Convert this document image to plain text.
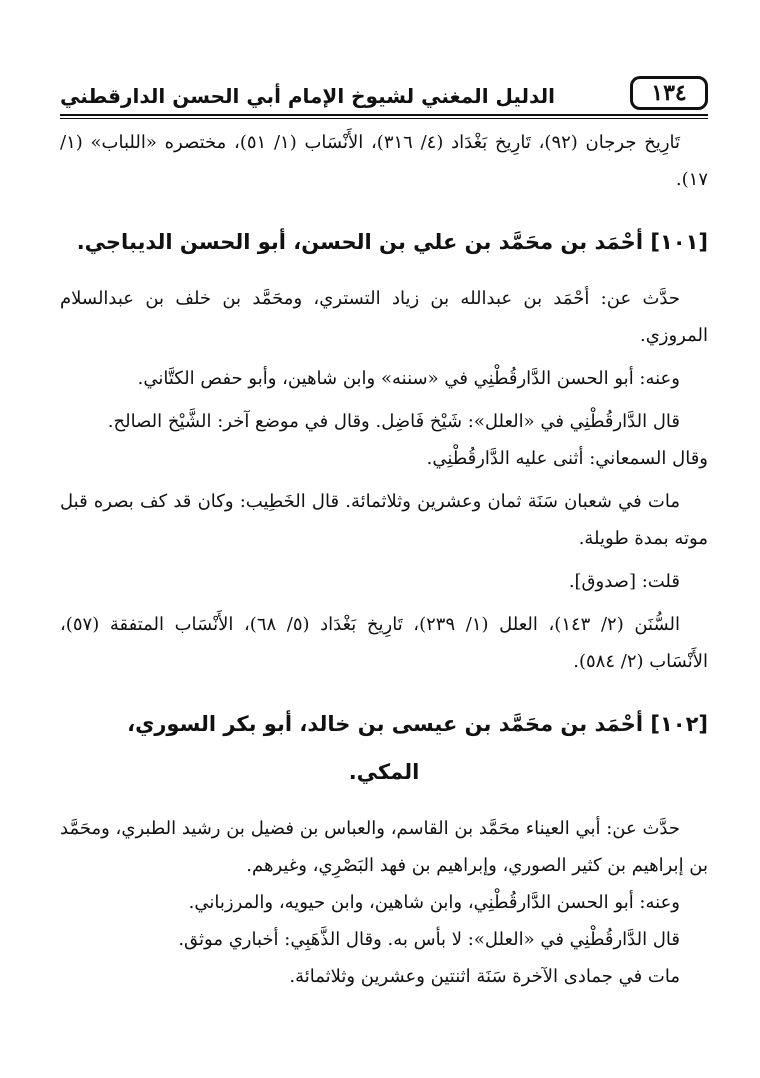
١٣٤
الدليل المغني لشيوخ الإمام أبي الحسن الدارقطني

تَارِيخ جرجان (٩٢)، تَارِيخ بَغْدَاد (٤/ ٣١٦)، الأَنْسَاب (١/ ٥١)، مختصره «اللباب» (١/ ١٧).

[١٠١] أحْمَد بن محَمَّد بن علي بن الحسن، أبو الحسن الديباجي.

حدَّث عن: أحْمَد بن عبدالله بن زياد التستري، ومحَمَّد بن خلف بن عبدالسلام المروزي.

وعنه: أبو الحسن الدَّارقُطْنِي في «سننه» وابن شاهين، وأبو حفص الكتَّاني.

قال الدَّارقُطْنِي في «العلل»: شَيْخ فَاضِل. وقال في موضع آخر: الشَّيْخ الصالح.

وقال السمعاني: أثنى عليه الدَّارقُطْنِي.

مات في شعبان سَنَة ثمان وعشرين وثلاثمائة. قال الخَطِيب: وكان قد كف بصره قبل موته بمدة طويلة.

قلت: [صدوق].

السُّنَن (٢/ ١٤٣)، العلل (١/ ٢٣٩)، تَارِيخ بَغْدَاد (٥/ ٦٨)، الأَنْسَاب المتفقة (٥٧)، الأَنْسَاب (٢/ ٥٨٤).

[١٠٢] أحْمَد بن محَمَّد بن عيسى بن خالد، أبو بكر السوري،

المكي.

حدَّث عن: أبي العيناء محَمَّد بن القاسم، والعباس بن فضيل بن رشيد الطبري، ومحَمَّد بن إبراهيم بن كثير الصوري، وإبراهيم بن فهد البَصْرِي، وغيرهم.

وعنه: أبو الحسن الدَّارقُطْنِي، وابن شاهين، وابن حيويه، والمرزباني.

قال الدَّارقُطْنِي في «العلل»: لا بأس به. وقال الذَّهَبِي: أخباري موثق.

مات في جمادى الآخرة سَنَة اثنتين وعشرين وثلاثمائة.
